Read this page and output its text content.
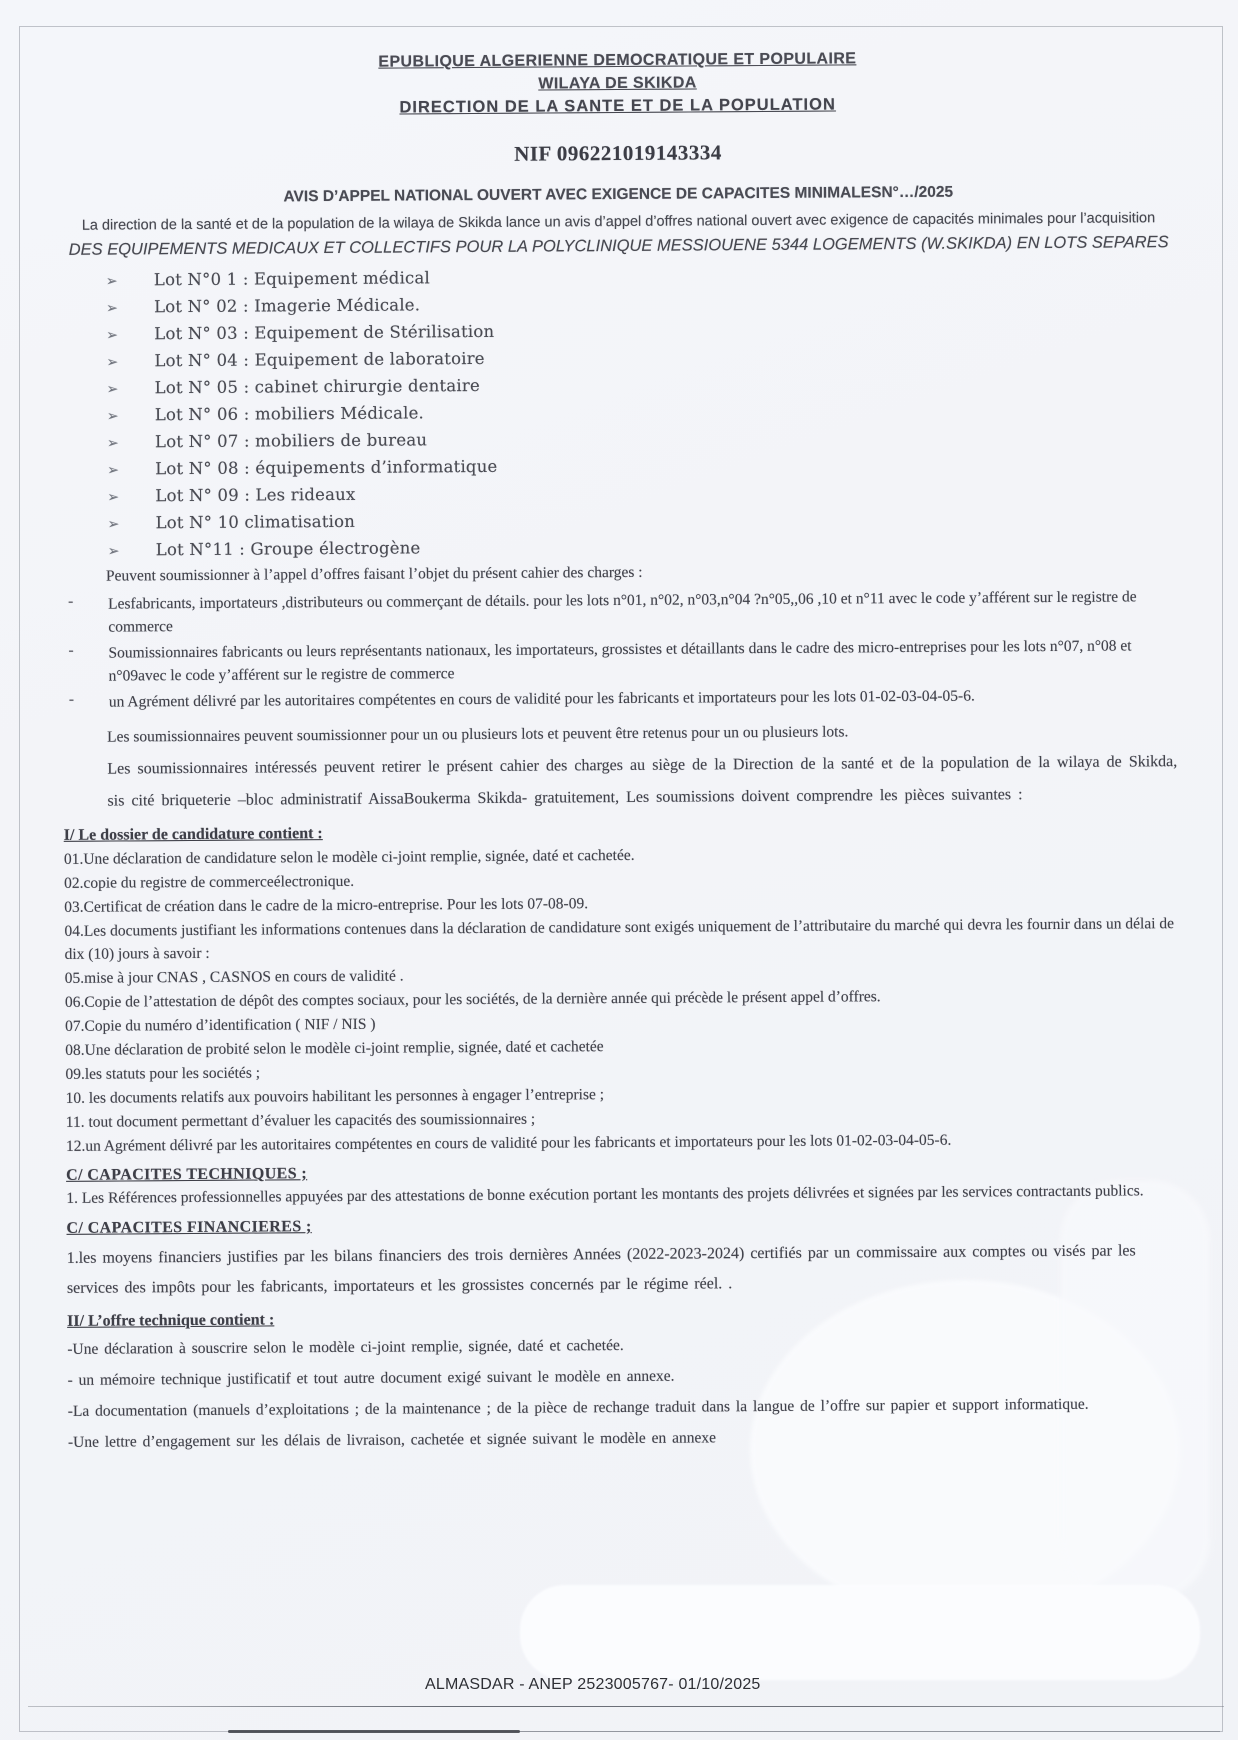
EPUBLIQUE ALGERIENNE DEMOCRATIQUE ET POPULAIRE
WILAYA DE SKIKDA
DIRECTION DE LA SANTE ET DE LA POPULATION
NIF 096221019143334
AVIS D’APPEL NATIONAL OUVERT AVEC EXIGENCE DE CAPACITES MINIMALESN°…/2025
La direction de la santé et de la population de la wilaya de Skikda lance un avis d’appel d’offres national ouvert avec exigence de capacités minimales pour l’acquisition DES EQUIPEMENTS MEDICAUX ET COLLECTIFS POUR LA POLYCLINIQUE MESSIOUENE 5344 LOGEMENTS (W.SKIKDA) EN LOTS SEPARES
➢	Lot N°0 1 : Equipement médical
➢	Lot N° 02 : Imagerie Médicale.
➢	Lot N° 03 : Equipement de Stérilisation
➢	Lot N° 04 : Equipement de laboratoire
➢	Lot N° 05 : cabinet chirurgie dentaire
➢	Lot N° 06 : mobiliers Médicale.
➢	Lot N° 07 : mobiliers de bureau
➢	Lot N° 08 : équipements d’informatique
➢	Lot N° 09 : Les rideaux
➢	Lot N° 10 climatisation
➢	Lot N°11 : Groupe électrogène
Peuvent soumissionner à l’appel d’offres faisant l’objet du présent cahier des charges :
-	Lesfabricants, importateurs ,distributeurs ou commerçant de détails. pour les lots n°01, n°02, n°03,n°04 ?n°05,,06 ,10 et n°11 avec le code y’afférent sur le registre de commerce
-	Soumissionnaires fabricants ou leurs représentants nationaux, les importateurs, grossistes et détaillants dans le cadre des micro-entreprises pour les lots n°07, n°08 et n°09avec le code y’afférent sur le registre de commerce
-	un Agrément délivré par les autoritaires compétentes en cours de validité pour les fabricants et importateurs pour les lots 01-02-03-04-05-6.
Les soumissionnaires peuvent soumissionner pour un ou plusieurs lots et peuvent être retenus pour un ou plusieurs lots.
Les soumissionnaires intéressés peuvent retirer le présent cahier des charges au siège de la Direction de la santé et de la population de la wilaya de Skikda, sis cité briqueterie –bloc administratif AissaBoukerma Skikda- gratuitement, Les soumissions doivent comprendre les pièces suivantes :
I/ Le dossier de candidature contient :
01.Une déclaration de candidature selon le modèle ci-joint remplie, signée, daté et cachetée.
02.copie du registre de commerceélectronique.
03.Certificat de création dans le cadre de la micro-entreprise. Pour les lots 07-08-09.
04.Les documents justifiant les informations contenues dans la déclaration de candidature sont exigés uniquement de l’attributaire du marché qui devra les fournir dans un délai de dix (10) jours à savoir :
05.mise à jour CNAS , CASNOS en cours de validité .
06.Copie de l’attestation de dépôt des comptes sociaux, pour les sociétés, de la dernière année qui précède le présent appel d’offres.
07.Copie du numéro d’identification ( NIF / NIS )
08.Une déclaration de probité selon le modèle ci-joint remplie, signée, daté et cachetée
09.les statuts pour les sociétés ;
10. les documents relatifs aux pouvoirs habilitant les personnes à engager l’entreprise ;
11. tout document permettant d’évaluer les capacités des soumissionnaires ;
12.un Agrément délivré par les autoritaires compétentes en cours de validité pour les fabricants et importateurs pour les lots 01-02-03-04-05-6.
C/ CAPACITES TECHNIQUES ;
1. Les Références professionnelles appuyées par des attestations de bonne exécution portant les montants des projets délivrées et signées par les services contractants publics.
C/ CAPACITES FINANCIERES ;
1.les moyens financiers justifies par les bilans financiers des trois dernières Années (2022-2023-2024) certifiés par un commissaire aux comptes ou visés par les services des impôts pour les fabricants, importateurs et les grossistes concernés par le régime réel. .
II/ L’offre technique contient :
-Une déclaration à souscrire selon le modèle ci-joint remplie, signée, daté et cachetée.
- un mémoire technique justificatif et tout autre document exigé suivant le modèle en annexe.
-La documentation (manuels d’exploitations ; de la maintenance ; de la pièce de rechange traduit dans la langue de l’offre sur papier et support informatique.
-Une lettre d’engagement sur les délais de livraison, cachetée et signée suivant le modèle en annexe
ALMASDAR - ANEP 2523005767- 01/10/2025
